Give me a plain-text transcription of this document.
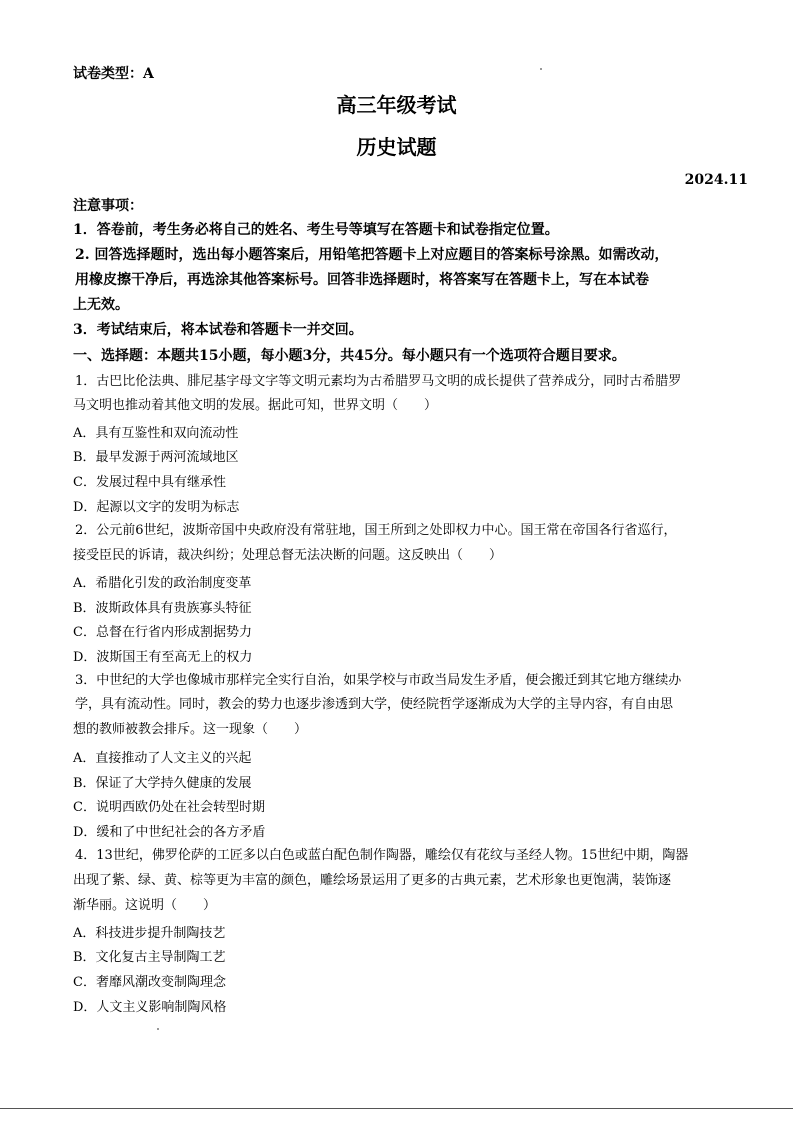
试卷类型：A
高三年级考试
历史试题
2024.11
注意事项：
1．答卷前，考生务必将自己的姓名、考生号等填写在答题卡和试卷指定位置。
2. 回答选择题时，选出每小题答案后，用铅笔把答题卡上对应题目的答案标号涂黑。如需改动，
用橡皮擦干净后，再选涂其他答案标号。回答非选择题时，将答案写在答题卡上，写在本试卷
上无效。
3．考试结束后，将本试卷和答题卡一并交回。
一、选择题：本题共15小题，每小题3分，共45分。每小题只有一个选项符合题目要求。
1．古巴比伦法典、腓尼基字母文字等文明元素均为古希腊罗马文明的成长提供了营养成分，同时古希腊罗
马文明也推动着其他文明的发展。据此可知，世界文明（　　）
A．具有互鉴性和双向流动性
B．最早发源于两河流域地区
C．发展过程中具有继承性
D．起源以文字的发明为标志
2．公元前6世纪，波斯帝国中央政府没有常驻地，国王所到之处即权力中心。国王常在帝国各行省巡行，
接受臣民的诉请，裁决纠纷；处理总督无法决断的问题。这反映出（　　）
A．希腊化引发的政治制度变革
B．波斯政体具有贵族寡头特征
C．总督在行省内形成割据势力
D．波斯国王有至高无上的权力
3．中世纪的大学也像城市那样完全实行自治，如果学校与市政当局发生矛盾，便会搬迁到其它地方继续办
学，具有流动性。同时，教会的势力也逐步渗透到大学，使经院哲学逐渐成为大学的主导内容，有自由思
想的教师被教会排斥。这一现象（　　）
A．直接推动了人文主义的兴起
B．保证了大学持久健康的发展
C．说明西欧仍处在社会转型时期
D．缓和了中世纪社会的各方矛盾
4．13世纪，佛罗伦萨的工匠多以白色或蓝白配色制作陶器，雕绘仅有花纹与圣经人物。15世纪中期，陶器
出现了紫、绿、黄、棕等更为丰富的颜色，雕绘场景运用了更多的古典元素，艺术形象也更饱满，装饰逐
渐华丽。这说明（　　）
A．科技进步提升制陶技艺
B．文化复古主导制陶工艺
C．奢靡风潮改变制陶理念
D．人文主义影响制陶风格
